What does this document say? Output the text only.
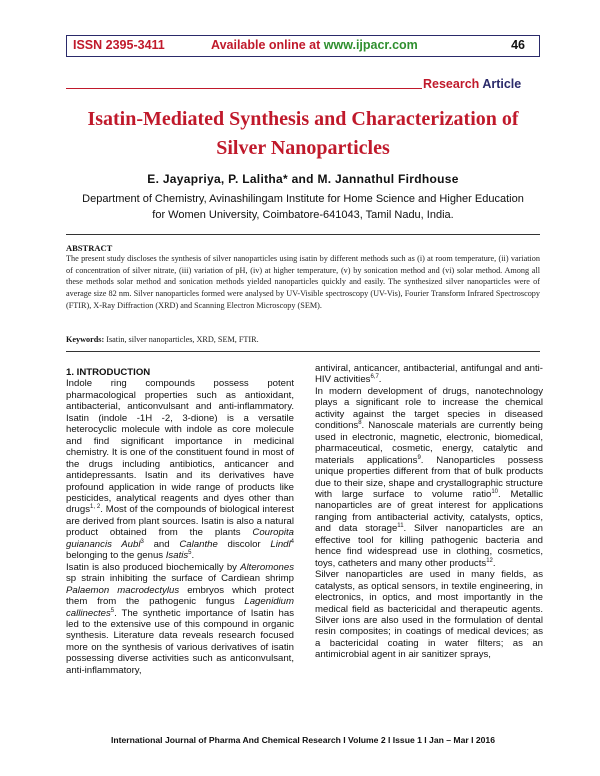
ISSN 2395-3411	Available online at www.ijpacr.com	46
Research Article
Isatin-Mediated Synthesis and Characterization of
Silver Nanoparticles
E. Jayapriya, P. Lalitha* and M. Jannathul Firdhouse
Department of Chemistry, Avinashilingam Institute for Home Science and Higher Education
for Women University, Coimbatore-641043, Tamil Nadu, India.
ABSTRACT
The present study discloses the synthesis of silver nanoparticles using isatin by different methods such as (i) at room temperature, (ii) variation of concentration of silver nitrate, (iii) variation of pH, (iv) at higher temperature, (v) by sonication method and (vi) solar method. Among all these methods solar method and sonication methods yielded nanoparticles quickly and easily. The synthesized silver nanoparticles were of average size 82 nm. Silver nanoparticles formed were analysed by UV-Visible spectroscopy (UV-Vis), Fourier Transform Infrared Spectroscopy (FTIR), X-Ray Diffraction (XRD) and Scanning Electron Microscopy (SEM).
Keywords: Isatin, silver nanoparticles, XRD, SEM, FTIR.
1. INTRODUCTION

Indole ring compounds possess potent pharmacological properties such as antioxidant, antibacterial, anticonvulsant and anti-inflammatory. Isatin (indole -1H -2, 3-dione) is a versatile heterocyclic molecule with indole as core molecule and find significant importance in medicinal chemistry. It is one of the constituent found in most of the drugs including antibiotics, anticancer and antidepressants. Isatin and its derivatives have profound application in wide range of products like pesticides, analytical reagents and dyes other than drugs$^{1, 2}$. Most of the compounds of biological interest are derived from plant sources. Isatin is also a natural product obtained from the plants Couropita guianancis Aubl$^3$ and Calanthe discolor Lindl$^4$ belonging to the genus Isatis$^5$.

Isatin is also produced biochemically by Alteromones sp strain inhibiting the surface of Cardiean shrimp Palaemon macrodectylus embryos which protect them from the pathogenic fungus Lagenidium callinectes$^5$. The synthetic importance of Isatin has led to the extensive use of this compound in organic synthesis. Literature data reveals research focused more on the synthesis of various derivatives of isatin possessing diverse activities such as anticonvulsant, anti-inflammatory,

antiviral, anticancer, antibacterial, antifungal and anti-HIV activities$^{6,7}$.

In modern development of drugs, nanotechnology plays a significant role to increase the chemical activity against the target species in diseased conditions$^8$. Nanoscale materials are currently being used in electronic, magnetic, electronic, biomedical, pharmaceutical, cosmetic, energy, catalytic and materials applications$^9$. Nanoparticles possess unique properties different from that of bulk products due to their size, shape and crystallographic structure with large surface to volume ratio$^{10}$. Metallic nanoparticles are of great interest for applications ranging from antibacterial activity, catalysts, optics, and data storage$^{11}$. Silver nanoparticles are an effective tool for killing pathogenic bacteria and hence find widespread use in clothing, cosmetics, toys, catheters and many other products$^{12}$.

Silver nanoparticles are used in many fields, as catalysts, as optical sensors, in textile engineering, in electronics, in optics, and most importantly in the medical field as bactericidal and therapeutic agents. Silver ions are also used in the formulation of dental resin composites; in coatings of medical devices; as a bactericidal coating in water filters; as an antimicrobial agent in air sanitizer sprays,

International Journal of Pharma And Chemical Research I Volume 2 I Issue 1 I Jan – Mar I 2016
